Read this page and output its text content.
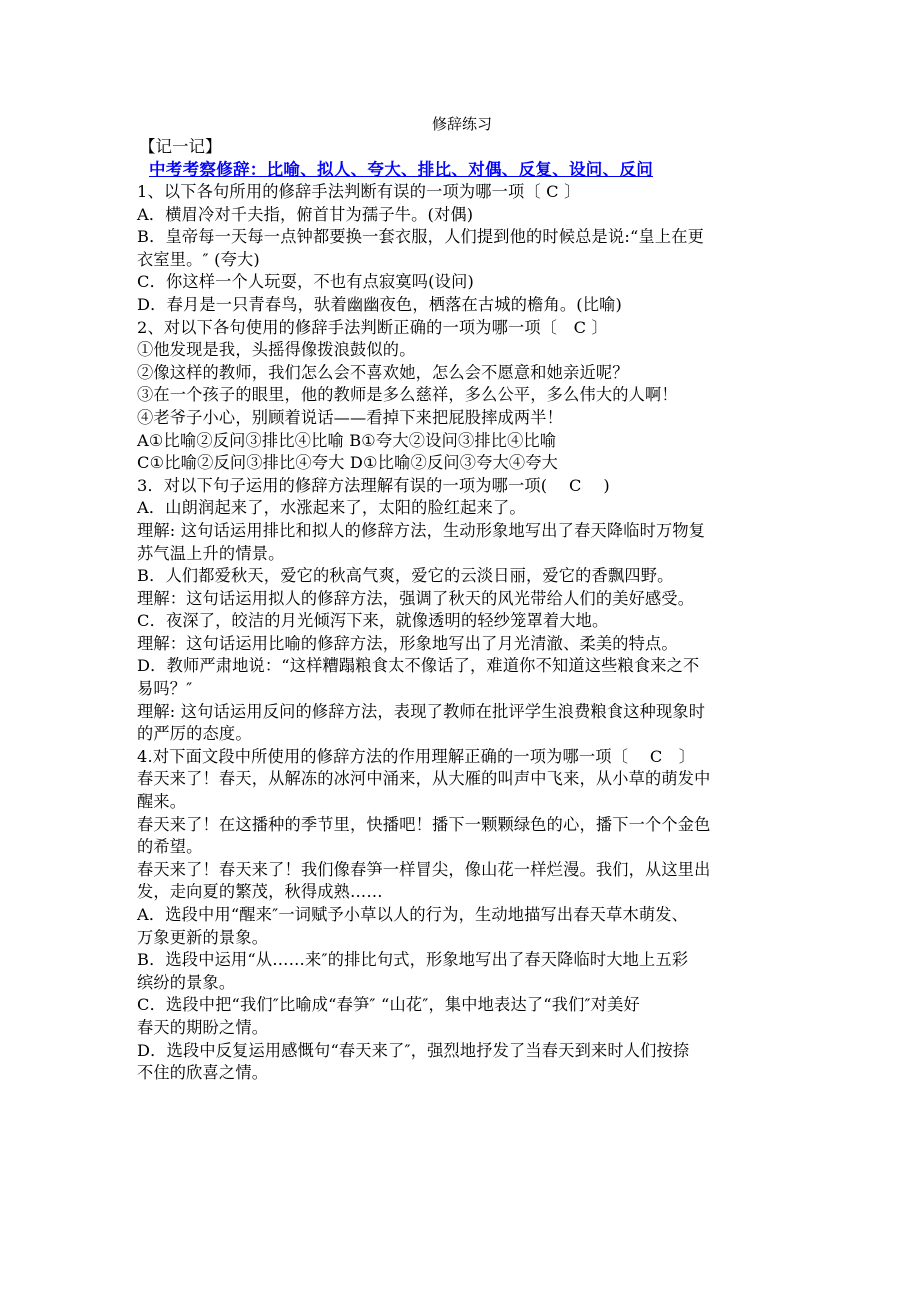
修辞练习
【记一记】
中考考察修辞：比喻、拟人、夸大、排比、对偶、反复、设问、反问
1、以下各句所用的修辞手法判断有误的一项为哪一项〔 C 〕
A．横眉冷对千夫指，俯首甘为孺子牛。(对偶)
B．皇帝每一天每一点钟都要换一套衣服，人们提到他的时候总是说:“皇上在更
衣室里。″ (夸大)
C．你这样一个人玩耍，不也有点寂寞吗(设问)
D．春月是一只青春鸟，驮着幽幽夜色，栖落在古城的檐角。(比喻)
2、对以下各句使用的修辞手法判断正确的一项为哪一项〔　C 〕
①他发现是我，头摇得像拨浪鼓似的。
②像这样的教师，我们怎么会不喜欢她，怎么会不愿意和她亲近呢？
③在一个孩子的眼里，他的教师是多么慈祥，多么公平，多么伟大的人啊！
④老爷子小心，别顾着说话——看掉下来把屁股摔成两半！
A①比喻②反问③排比④比喻 B①夸大②设问③排比④比喻
C①比喻②反问③排比④夸大 D①比喻②反问③夸大④夸大
3．对以下句子运用的修辞方法理解有误的一项为哪一项(　 C　 )
A．山朗润起来了，水涨起来了，太阳的脸红起来了。
理解: 这句话运用排比和拟人的修辞方法，生动形象地写出了春天降临时万物复
苏气温上升的情景。
B．人们都爱秋天，爱它的秋高气爽，爱它的云淡日丽，爱它的香飘四野。
理解：这句话运用拟人的修辞方法，强调了秋天的风光带给人们的美好感受。
C．夜深了，皎洁的月光倾泻下来，就像透明的轻纱笼罩着大地。
理解：这句话运用比喻的修辞方法，形象地写出了月光清澈、柔美的特点。
D．教师严肃地说：“这样糟蹋粮食太不像话了，难道你不知道这些粮食来之不
易吗？″
理解: 这句话运用反问的修辞方法，表现了教师在批评学生浪费粮食这种现象时
的严厉的态度。
4.对下面文段中所使用的修辞方法的作用理解正确的一项为哪一项〔　 C　〕
春天来了！春天，从解冻的冰河中涌来，从大雁的叫声中飞来，从小草的萌发中
醒来。
春天来了！在这播种的季节里，快播吧！播下一颗颗绿色的心，播下一个个金色
的希望。
春天来了！春天来了！我们像春笋一样冒尖，像山花一样烂漫。我们，从这里出
发，走向夏的繁茂，秋得成熟……
A．选段中用“醒来″一词赋予小草以人的行为，生动地描写出春天草木萌发、
万象更新的景象。
B．选段中运用“从……来″的排比句式，形象地写出了春天降临时大地上五彩
缤纷的景象。
C．选段中把“我们″比喻成“春笋″ “山花″，集中地表达了“我们″对美好
春天的期盼之情。
D．选段中反复运用感慨句“春天来了″，强烈地抒发了当春天到来时人们按捺
不住的欣喜之情。
